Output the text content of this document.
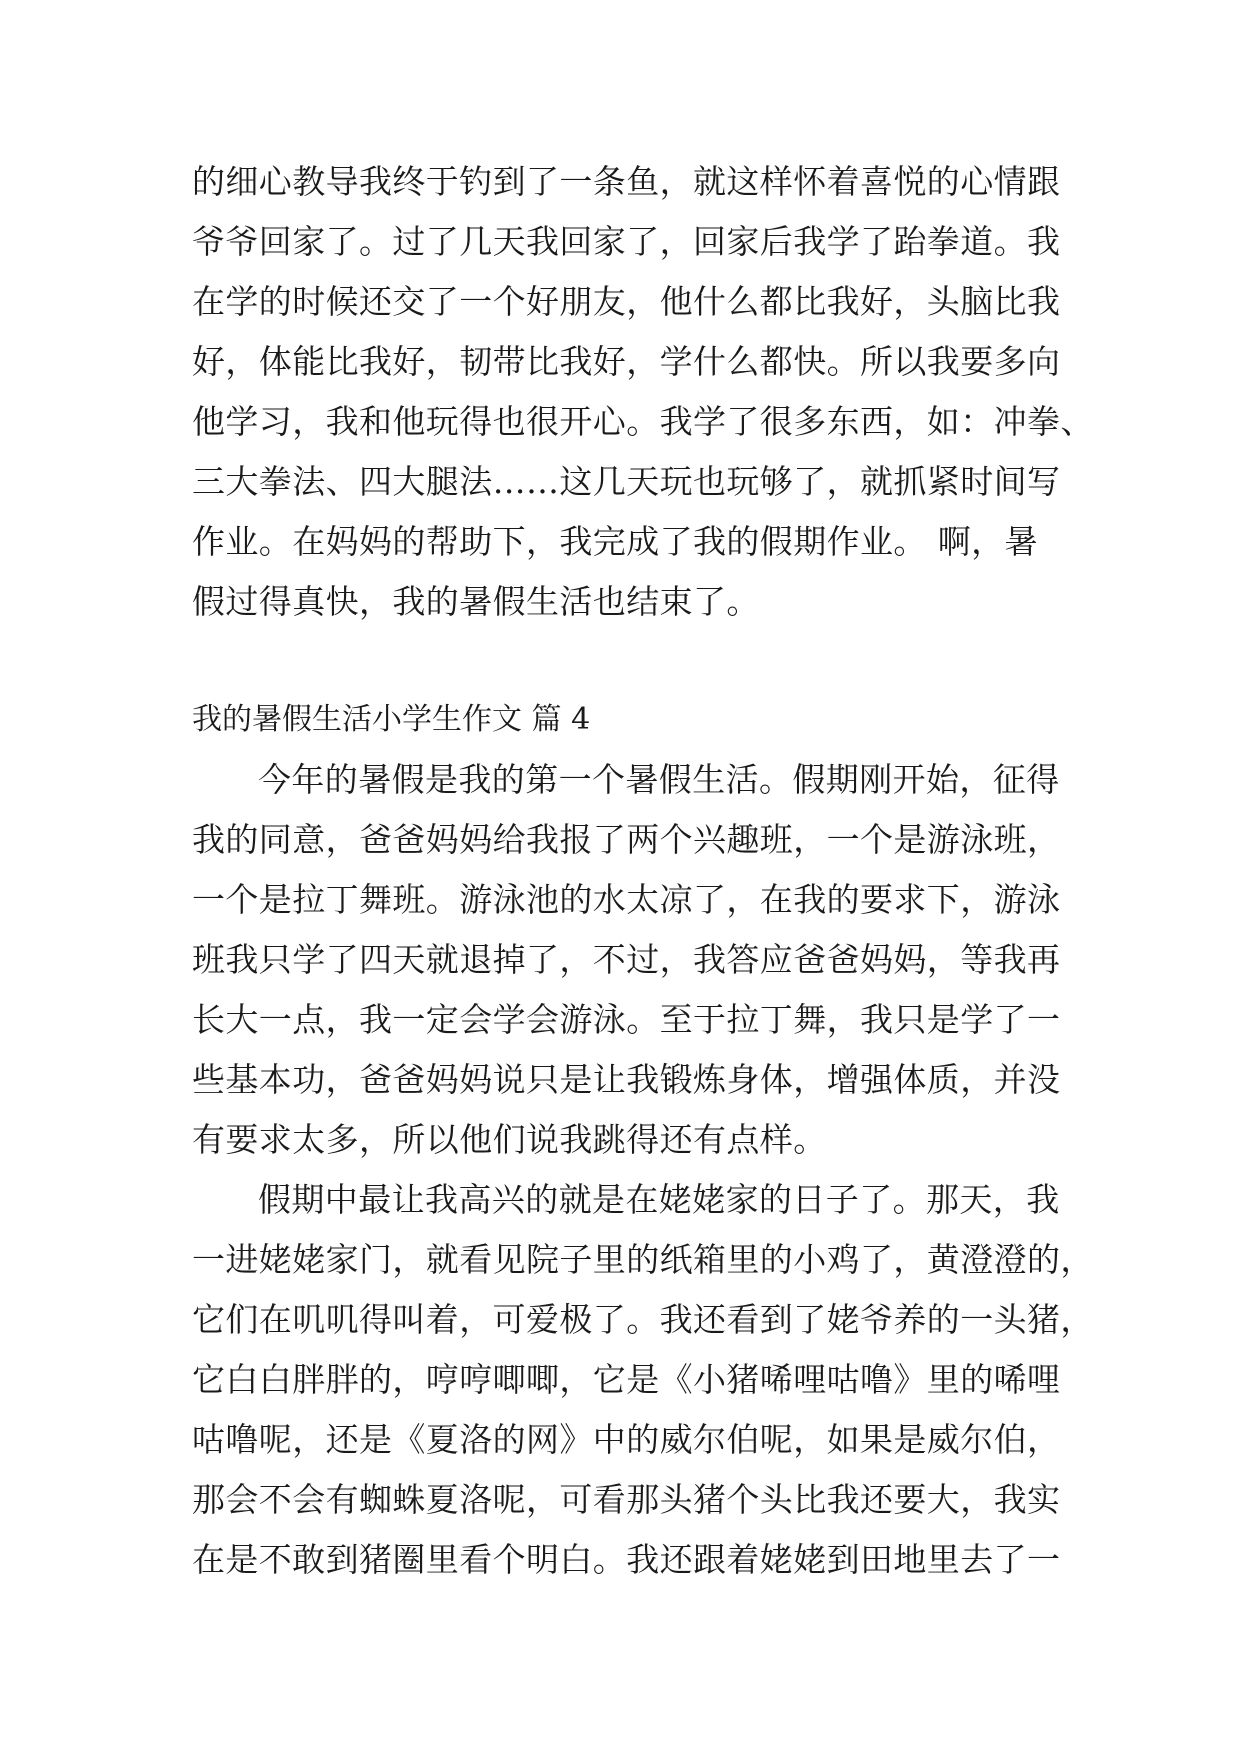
的细心教导我终于钓到了一条鱼，就这样怀着喜悦的心情跟
爷爷回家了。过了几天我回家了，回家后我学了跆拳道。我
在学的时候还交了一个好朋友，他什么都比我好，头脑比我
好，体能比我好，韧带比我好，学什么都快。所以我要多向
他学习，我和他玩得也很开心。我学了很多东西，如：冲拳、
三大拳法、四大腿法……这几天玩也玩够了，就抓紧时间写
作业。在妈妈的帮助下，我完成了我的假期作业。 啊，暑
假过得真快，我的暑假生活也结束了。
我的暑假生活小学生作文 篇 4
今年的暑假是我的第一个暑假生活。假期刚开始，征得
我的同意，爸爸妈妈给我报了两个兴趣班，一个是游泳班，
一个是拉丁舞班。游泳池的水太凉了，在我的要求下，游泳
班我只学了四天就退掉了，不过，我答应爸爸妈妈，等我再
长大一点，我一定会学会游泳。至于拉丁舞，我只是学了一
些基本功，爸爸妈妈说只是让我锻炼身体，增强体质，并没
有要求太多，所以他们说我跳得还有点样。
假期中最让我高兴的就是在姥姥家的日子了。那天，我
一进姥姥家门，就看见院子里的纸箱里的小鸡了，黄澄澄的，
它们在叽叽得叫着，可爱极了。我还看到了姥爷养的一头猪，
它白白胖胖的，哼哼唧唧，它是《小猪唏哩咕噜》里的唏哩
咕噜呢，还是《夏洛的网》中的威尔伯呢，如果是威尔伯，
那会不会有蜘蛛夏洛呢，可看那头猪个头比我还要大，我实
在是不敢到猪圈里看个明白。我还跟着姥姥到田地里去了一
